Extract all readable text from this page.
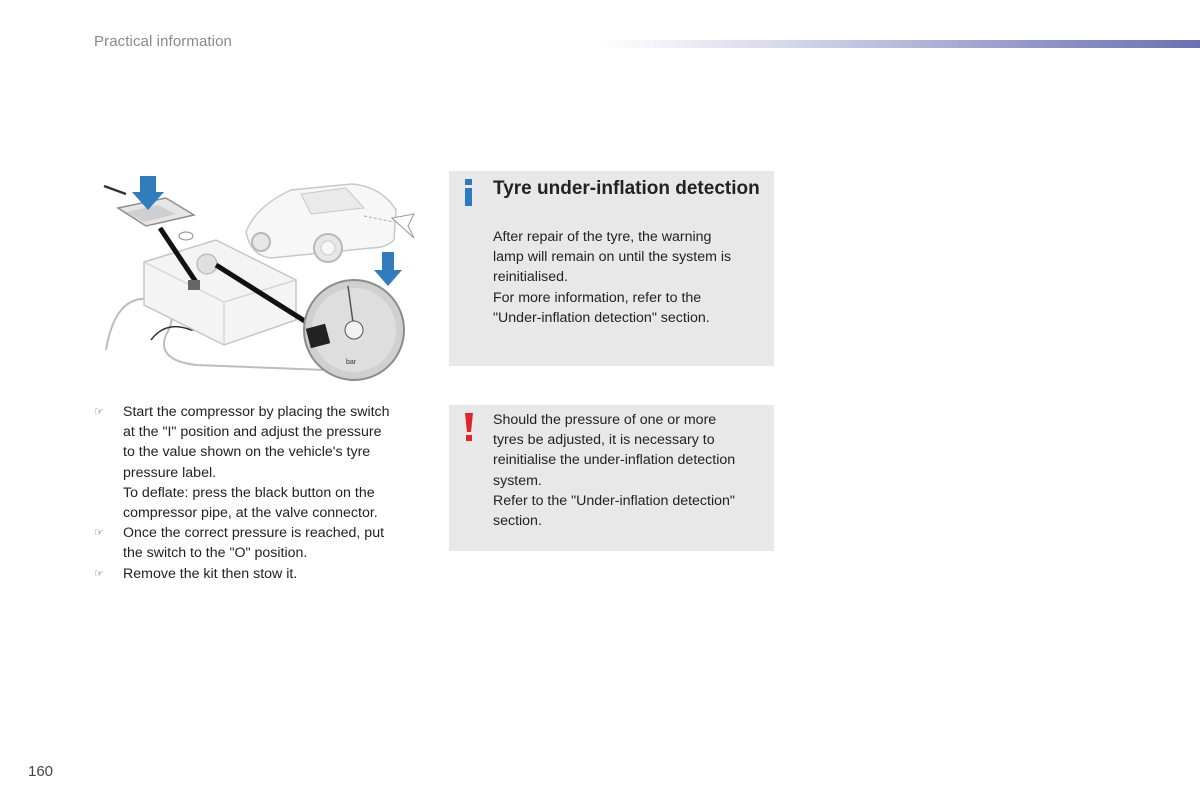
Practical information
bar
☞ Start the compressor by placing the switch
at the "I" position and adjust the pressure
to the value shown on the vehicle's tyre
pressure label.
To deflate: press the black button on the
compressor pipe, at the valve connector.
☞ Once the correct pressure is reached, put
the switch to the "O" position.
☞ Remove the kit then stow it.
Tyre under-inflation detection
After repair of the tyre, the warning
lamp will remain on until the system is
reinitialised.
For more information, refer to the
"Under-inflation detection" section.
Should the pressure of one or more
tyres be adjusted, it is necessary to
reinitialise the under-inflation detection
system.
Refer to the "Under-inflation detection"
section.
160
